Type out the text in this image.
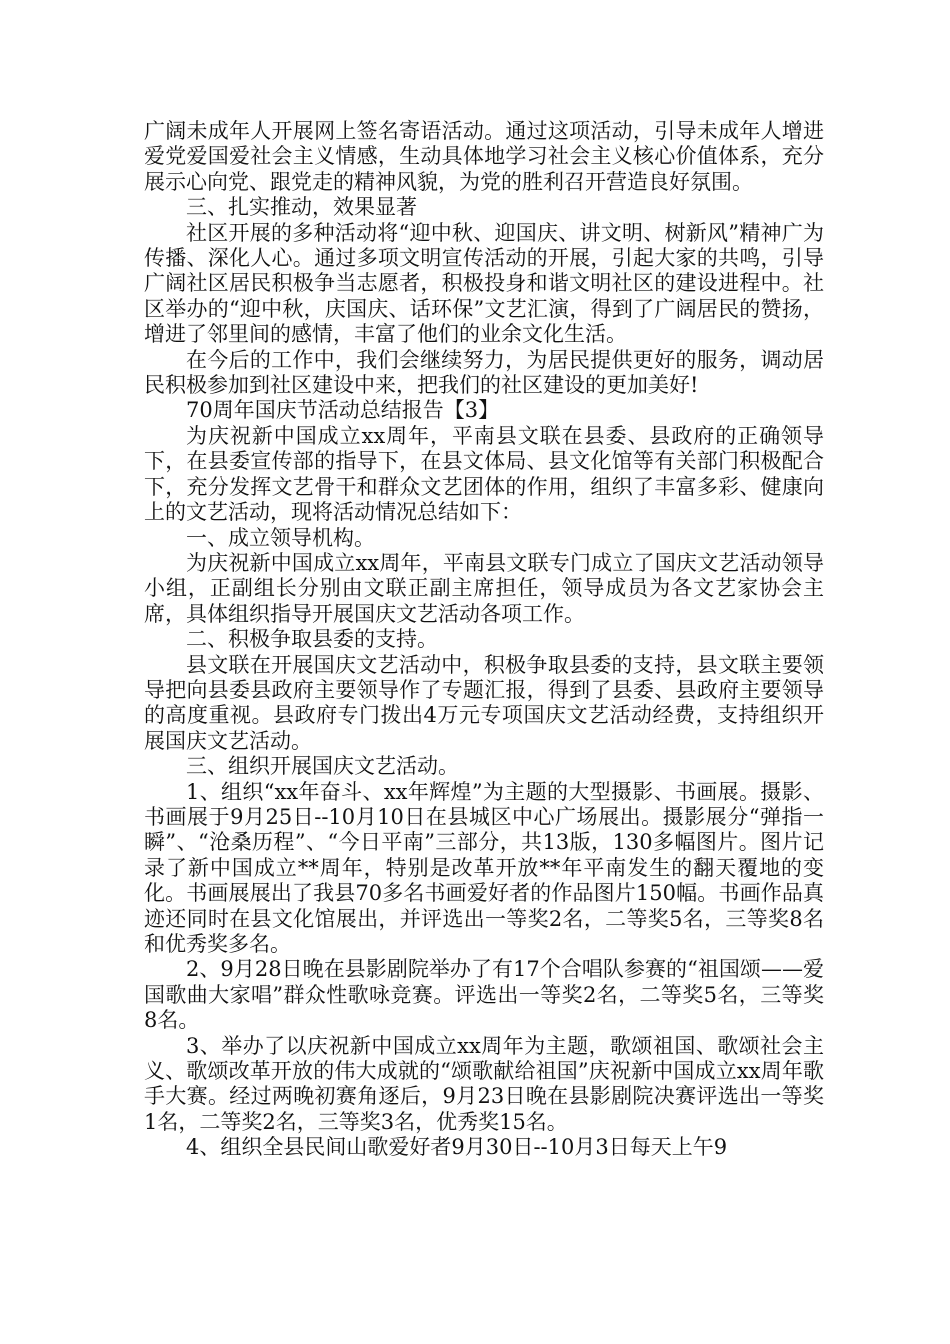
广阔未成年人开展网上签名寄语活动。通过这项活动，引导未成年人增进爱党爱国爱社会主义情感，生动具体地学习社会主义核心价值体系，充分展示心向党、跟党走的精神风貌，为党的胜利召开营造良好氛围。

三、扎实推动，效果显著

社区开展的多种活动将“迎中秋、迎国庆、讲文明、树新风”精神广为传播、深化人心。通过多项文明宣传活动的开展，引起大家的共鸣，引导广阔社区居民积极争当志愿者，积极投身和谐文明社区的建设进程中。社区举办的“迎中秋，庆国庆、话环保”文艺汇演，得到了广阔居民的赞扬，增进了邻里间的感情，丰富了他们的业余文化生活。

在今后的工作中，我们会继续努力，为居民提供更好的服务，调动居民积极参加到社区建设中来，把我们的社区建设的更加美好!

70周年国庆节活动总结报告【3】

为庆祝新中国成立xx周年，平南县文联在县委、县政府的正确领导下，在县委宣传部的指导下，在县文体局、县文化馆等有关部门积极配合下，充分发挥文艺骨干和群众文艺团体的作用，组织了丰富多彩、健康向上的文艺活动，现将活动情况总结如下：

一、成立领导机构。

为庆祝新中国成立xx周年，平南县文联专门成立了国庆文艺活动领导小组，正副组长分别由文联正副主席担任，领导成员为各文艺家协会主席，具体组织指导开展国庆文艺活动各项工作。

二、积极争取县委的支持。

县文联在开展国庆文艺活动中，积极争取县委的支持，县文联主要领导把向县委县政府主要领导作了专题汇报，得到了县委、县政府主要领导的高度重视。县政府专门拨出4万元专项国庆文艺活动经费，支持组织开展国庆文艺活动。

三、组织开展国庆文艺活动。

1、组织“xx年奋斗、xx年辉煌”为主题的大型摄影、书画展。摄影、书画展于9月25日--10月10日在县城区中心广场展出。摄影展分“弹指一瞬”、“沧桑历程”、“今日平南”三部分，共13版，130多幅图片。图片记录了新中国成立**周年，特别是改革开放**年平南发生的翻天覆地的变化。书画展展出了我县70多名书画爱好者的作品图片150幅。书画作品真迹还同时在县文化馆展出，并评选出一等奖2名，二等奖5名，三等奖8名和优秀奖多名。

2、9月28日晚在县影剧院举办了有17个合唱队参赛的“祖国颂——爱国歌曲大家唱”群众性歌咏竞赛。评选出一等奖2名，二等奖5名，三等奖8名。

3、举办了以庆祝新中国成立xx周年为主题，歌颂祖国、歌颂社会主义、歌颂改革开放的伟大成就的“颂歌献给祖国”庆祝新中国成立xx周年歌手大赛。经过两晚初赛角逐后，9月23日晚在县影剧院决赛评选出一等奖1名，二等奖2名，三等奖3名，优秀奖15名。

4、组织全县民间山歌爱好者9月30日--10月3日每天上午9
